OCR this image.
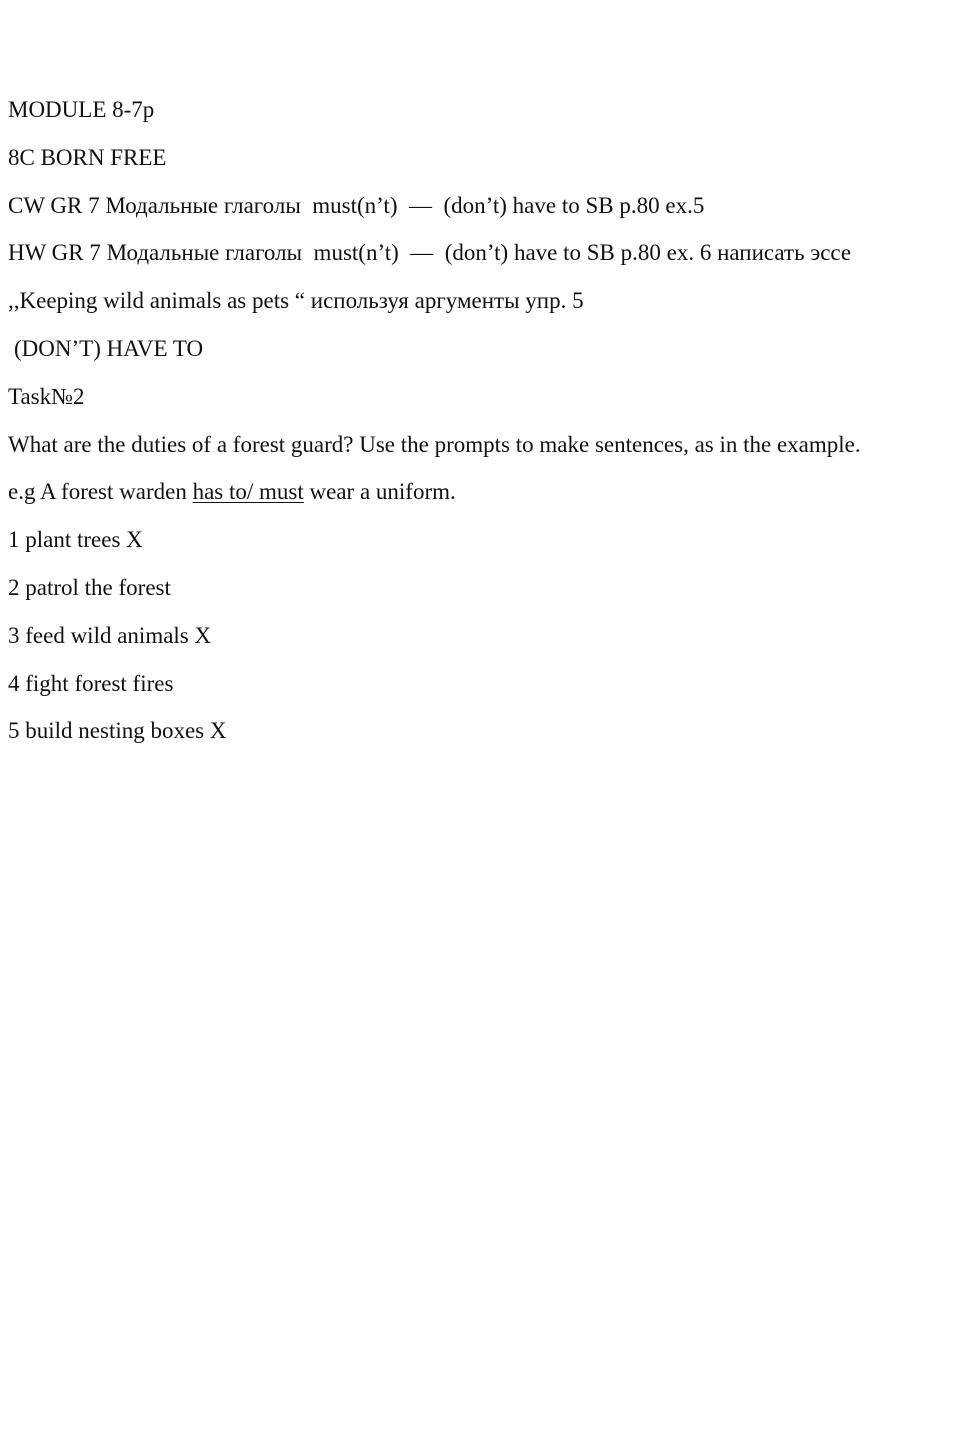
MODULE 8-7p
8C BORN FREE
CW GR 7 Модальные глаголы  must(n’t)  —  (don’t) have to SB p.80 ex.5
HW GR 7 Модальные глаголы  must(n’t)  —  (don’t) have to SB p.80 ex. 6 написать эссе
,,Keeping wild animals as pets “ используя аргументы упр. 5
(DON’T) HAVE TO
Task№2
What are the duties of a forest guard? Use the prompts to make sentences, as in the example.
e.g A forest warden has to/ must wear a uniform.
1 plant trees X
2 patrol the forest
3 feed wild animals X
4 fight forest fires
5 build nesting boxes X
